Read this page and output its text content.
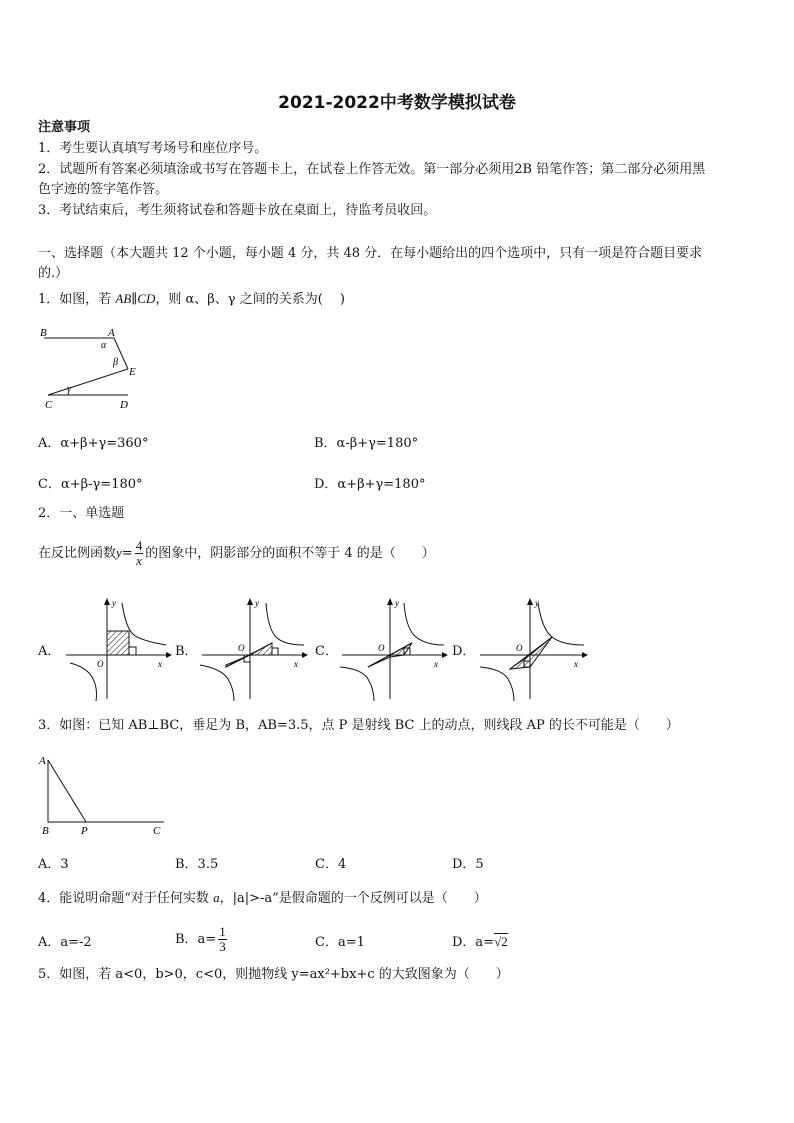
2021-2022中考数学模拟试卷
注意事项
1．考生要认真填写考场号和座位序号。
2．试题所有答案必须填涂或书写在答题卡上，在试卷上作答无效。第一部分必须用2B 铅笔作答；第二部分必须用黑
色字迹的签字笔作答。
3．考试结束后，考生须将试卷和答题卡放在桌面上，待监考员收回。
一、选择题（本大题共 12 个小题，每小题 4 分，共 48 分．在每小题给出的四个选项中，只有一项是符合题目要求
的.）
1．如图，若 AB∥CD，则 α、β、γ 之间的关系为(　 )
B	A
α
β
E
γ
C	D
A．α+β+γ=360°	B．α-β+γ=180°
C．α+β-γ=180°	D．α+β+γ=180°
2．一、单选题
在反比例函数$y= \frac{4}{x}$ 的图象中，阴影部分的面积不等于 4 的是（　　）
A．
y
x
O
B．
y
x
O	C．
y
x
O	D．
y
x
O
3．如图：已知 AB⊥BC，垂足为 B，AB=3.5，点 P 是射线 BC 上的动点，则线段 AP 的长不可能是（　　）
A
B	P	C
A．3	B．3.5	C．4	D．5
4．能说明命题“对于任何实数 a，|a|>-a”是假命题的一个反例可以是（　　）
A．a=-2	B．$a= \frac{1}{3}$	C．a=1	D．a=√2
5．如图，若 a<0，b>0，c<0，则抛物线 y=ax²+bx+c 的大致图象为（　　）
